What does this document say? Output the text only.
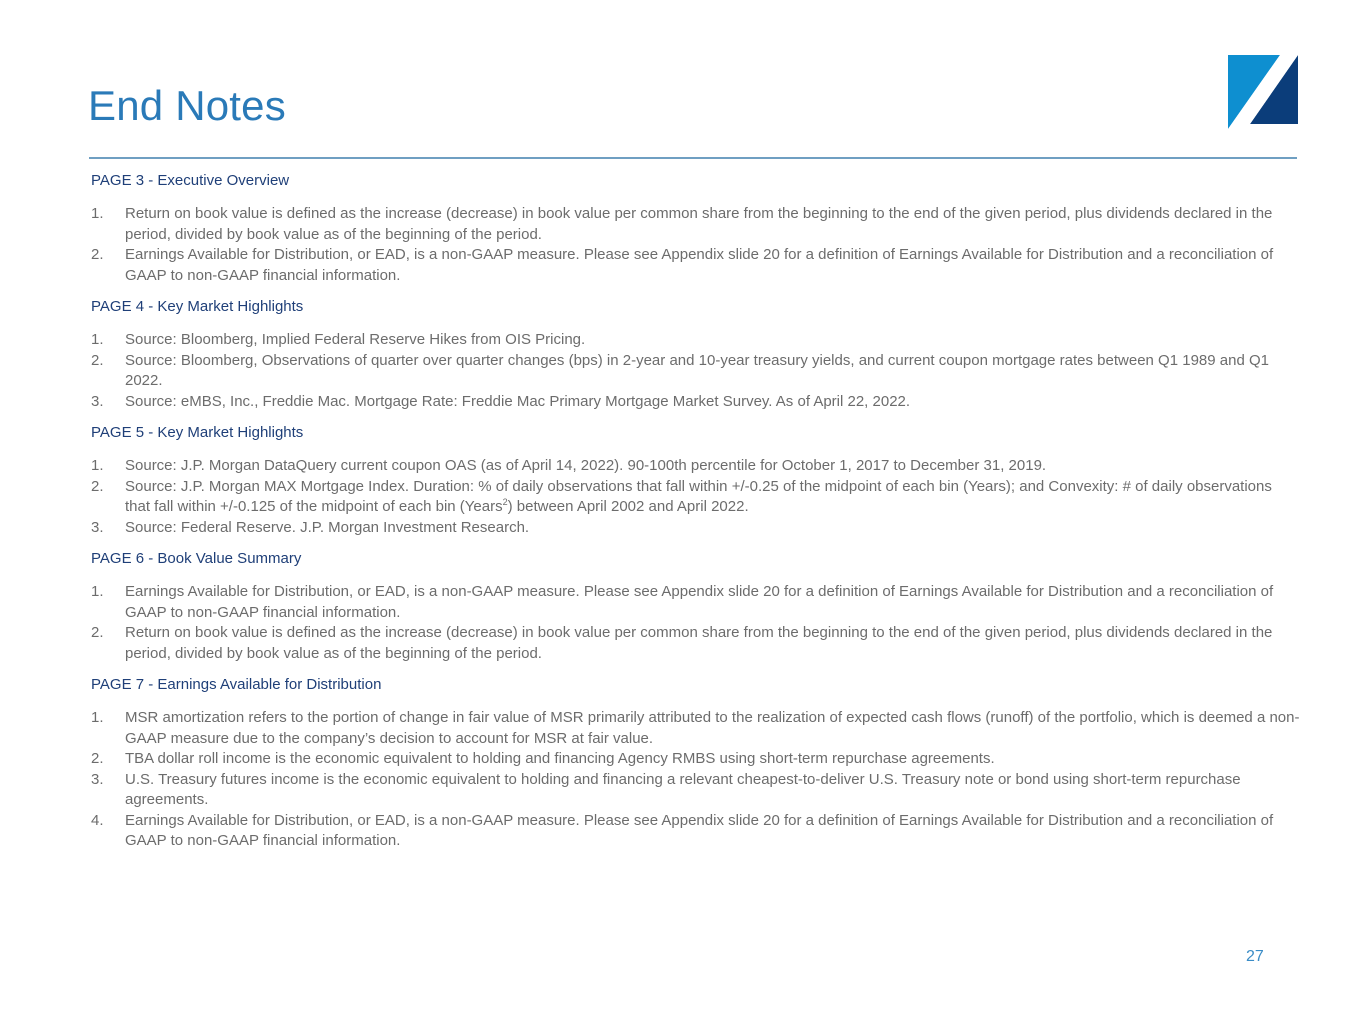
End Notes
PAGE 3 - Executive Overview
1. Return on book value is defined as the increase (decrease) in book value per common share from the beginning to the end of the given period, plus dividends declared in the period, divided by book value as of the beginning of the period.
2. Earnings Available for Distribution, or EAD, is a non-GAAP measure. Please see Appendix slide 20 for a definition of Earnings Available for Distribution and a reconciliation of GAAP to non-GAAP financial information.
PAGE 4 - Key Market Highlights
1. Source: Bloomberg, Implied Federal Reserve Hikes from OIS Pricing.
2. Source: Bloomberg, Observations of quarter over quarter changes (bps) in 2-year and 10-year treasury yields, and current coupon mortgage rates between Q1 1989 and Q1 2022.
3. Source: eMBS, Inc., Freddie Mac. Mortgage Rate: Freddie Mac Primary Mortgage Market Survey. As of April 22, 2022.
PAGE 5 - Key Market Highlights
1. Source: J.P. Morgan DataQuery current coupon OAS (as of April 14, 2022). 90-100th percentile for October 1, 2017 to December 31, 2019.
2. Source: J.P. Morgan MAX Mortgage Index. Duration: % of daily observations that fall within +/-0.25 of the midpoint of each bin (Years); and Convexity: # of daily observations that fall within +/-0.125 of the midpoint of each bin (Years$^2$) between April 2002 and April 2022.
3. Source: Federal Reserve. J.P. Morgan Investment Research.
PAGE 6 - Book Value Summary
1. Earnings Available for Distribution, or EAD, is a non-GAAP measure. Please see Appendix slide 20 for a definition of Earnings Available for Distribution and a reconciliation of GAAP to non-GAAP financial information.
2. Return on book value is defined as the increase (decrease) in book value per common share from the beginning to the end of the given period, plus dividends declared in the period, divided by book value as of the beginning of the period.
PAGE 7 - Earnings Available for Distribution
1. MSR amortization refers to the portion of change in fair value of MSR primarily attributed to the realization of expected cash flows (runoff) of the portfolio, which is deemed a non-GAAP measure due to the company’s decision to account for MSR at fair value.
2. TBA dollar roll income is the economic equivalent to holding and financing Agency RMBS using short-term repurchase agreements.
3. U.S. Treasury futures income is the economic equivalent to holding and financing a relevant cheapest-to-deliver U.S. Treasury note or bond using short-term repurchase agreements.
4. Earnings Available for Distribution, or EAD, is a non-GAAP measure. Please see Appendix slide 20 for a definition of Earnings Available for Distribution and a reconciliation of GAAP to non-GAAP financial information.
27
